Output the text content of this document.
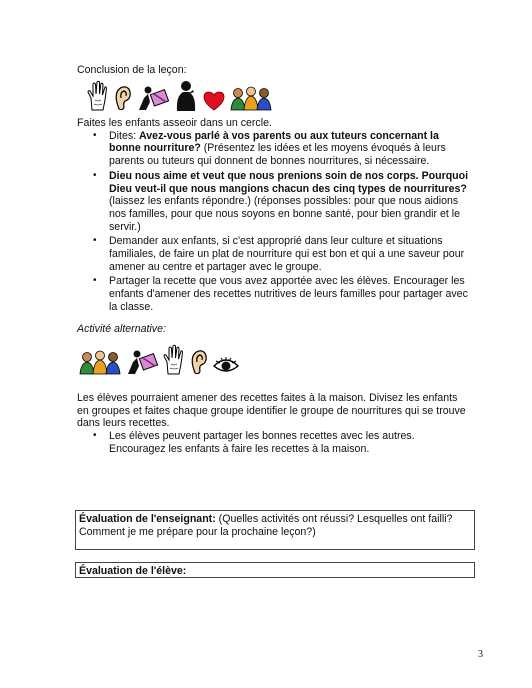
Conclusion de la leçon:
Faites les enfants asseoir dans un cercle.
• Dites: Avez-vous parlé à vos parents ou aux tuteurs concernant la bonne nourriture? (Présentez les idées et les moyens évoqués à leurs parents ou tuteurs qui donnent de bonnes nourritures, si nécessaire.
• Dieu nous aime et veut que nous prenions soin de nos corps. Pourquoi Dieu veut-il que nous mangions chacun des cinq types de nourritures? (laissez les enfants répondre.) (réponses possibles: pour que nous aidions nos familles, pour que nous soyons en bonne santé, pour bien grandir et le servir.)
• Demander aux enfants, si c'est approprié dans leur culture et situations familiales, de faire un plat de nourriture qui est bon et qui a une saveur pour amener au centre et partager avec le groupe.
• Partager la recette que vous avez apportée avec les élèves. Encourager les enfants d'amener des recettes nutritives de leurs familles pour partager avec la classe.
Activité alternative:
Les élèves pourraient amener des recettes faites à la maison. Divisez les enfants en groupes et faites chaque groupe identifier le groupe de nourritures qui se trouve dans leurs recettes.
• Les élèves peuvent partager les bonnes recettes avec les autres. Encouragez les enfants à faire les recettes à la maison.
Évaluation de l'enseignant: (Quelles activités ont réussi? Lesquelles ont failli? Comment je me prépare pour la prochaine leçon?)
Évaluation de l'élève:
3
